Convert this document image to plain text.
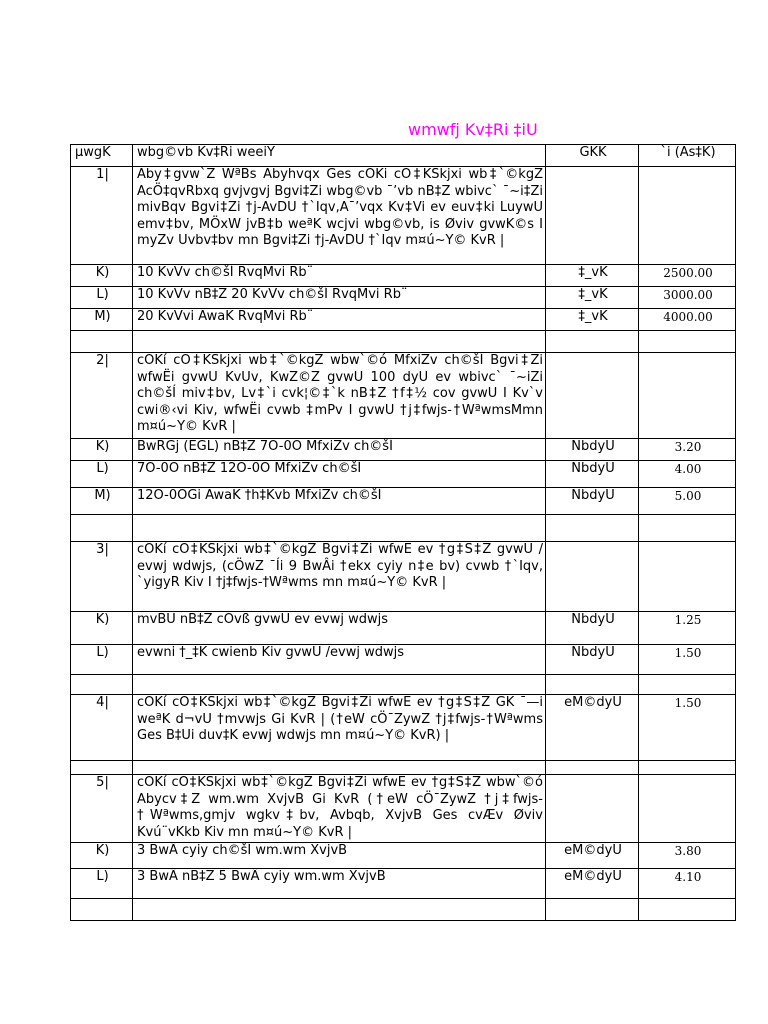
wmwfj Kv‡Ri ‡iU
µwgK	wbg©vb Kv‡Ri weeiY	GKK	`i (As‡K)
1|	Aby‡gvw`Z WªBs Abyhvqx Ges cOKi cO‡KSkjxi wb‡`©kgZ AcÖ‡qvRbxq gvjvgvj Bgvi‡Zi wbg©vb ¯’vb nB‡Z wbivc` ¯~i‡Zi mivBqv Bgvi‡Zi †j-AvDU †`Iqv,A¯’vqx Kv‡Vi ev euv‡ki LuywU emv‡bv, MÖxW jvB‡b weªK wcjvi wbg©vb, is Øviv gvwK©s I myZv Uvbv‡bv mn Bgvi‡Zi †j-AvDU †`Iqv m¤ú~Y© KvR |		

K)	10 KvVv ch©šÍ RvqMvi Rb¨	‡_vK	2500.00
L)	10 KvVv nB‡Z 20 KvVv ch©šÍ RvqMvi Rb¨	‡_vK	3000.00
M)	20 KvVvi AwaK RvqMvi Rb¨	‡_vK	4000.00

2|	cÖKí cÖ‡KŠkjxi wb‡`©kgZ wbw`©ó MfxiZv ch©šÍ Bgvi‡Zi wfwËi gvwU KvUv, KwZ©Z gvwU 100 dyU ev wbivc` ¯~iZi ch©šÍ miv‡bv, Lv‡`i cvk¦©‡`k nB‡Z †f‡½ cov gvwU I Kv`v cwi®‹vi Kiv, wfwËi cvwb ‡mPv I gvwU †j‡fwjs-†WªwmsMmn m¤ú~Y© KvR |		

K)	BwRGj (EGL) nB‡Z 7Õ-0Ó MfxiZv ch©šÍ	NbdyU	3.20
L)	7Õ-0Ó nB‡Z 12Õ-0Ó MfxiZv ch©šÍ	NbdyU	4.00
M)	12Õ-0ÓGi AwaK †h‡Kvb MfxiZv ch©šÍ	NbdyU	5.00

3|	cÖKí cÖ‡KŠkjxi wb‡`©kgZ Bgvi‡Zi wfwË ev †g‡S‡Z gvwU / evwj wdwjs, (cÖwZ ¯Íi 9 BwÂi †ekx cyiy n‡e bv) cvwb †`Iqv, `yigyR Kiv I †j‡fwjs-†Wªwms mn m¤ú~Y© KvR |		

K)	mvBU nB‡Z cÖvß gvwU ev evwj wdwjs	NbdyU	1.25
L)	evwni †_‡K cwienb Kiv gvwU /evwj wdwjs	NbdyU	1.50

4|	cÖKí cÖ‡KŠkjxi wb‡`©kgZ Bgvi‡Zi wfwË ev †g‡S‡Z GK ¯—i weªK d¬vU †mvwjs Gi KvR | (†eW cÖ¯ZywZ †j‡fwjs-†Wªwms Ges B‡Ui duv‡K evwj wdwjs mn m¤ú~Y© KvR) |	eM©dyU	1.50

5|	cÖKí cÖ‡KŠkjxi wb‡`©kgZ Bgvi‡Zi wfwË ev †g‡S‡Z wbw`©ó Abycv‡Z wm.wm XvjvB Gi KvR (†eW cÖ¯ZywZ †j‡fwjs-†Wªwms,gmjv wgkv‡bv, Avbqb, XvjvB Ges cvÆv Øviv Kvú¨vKkb Kiv mn m¤ú~Y© KvR |		

K)	3 BwÂ cyiy ch©šÍ wm.wm XvjvB	eM©dyU	3.80
L)	3 BwÂ nB‡Z 5 BwÂ cyiy wm.wm XvjvB	eM©dyU	4.10
